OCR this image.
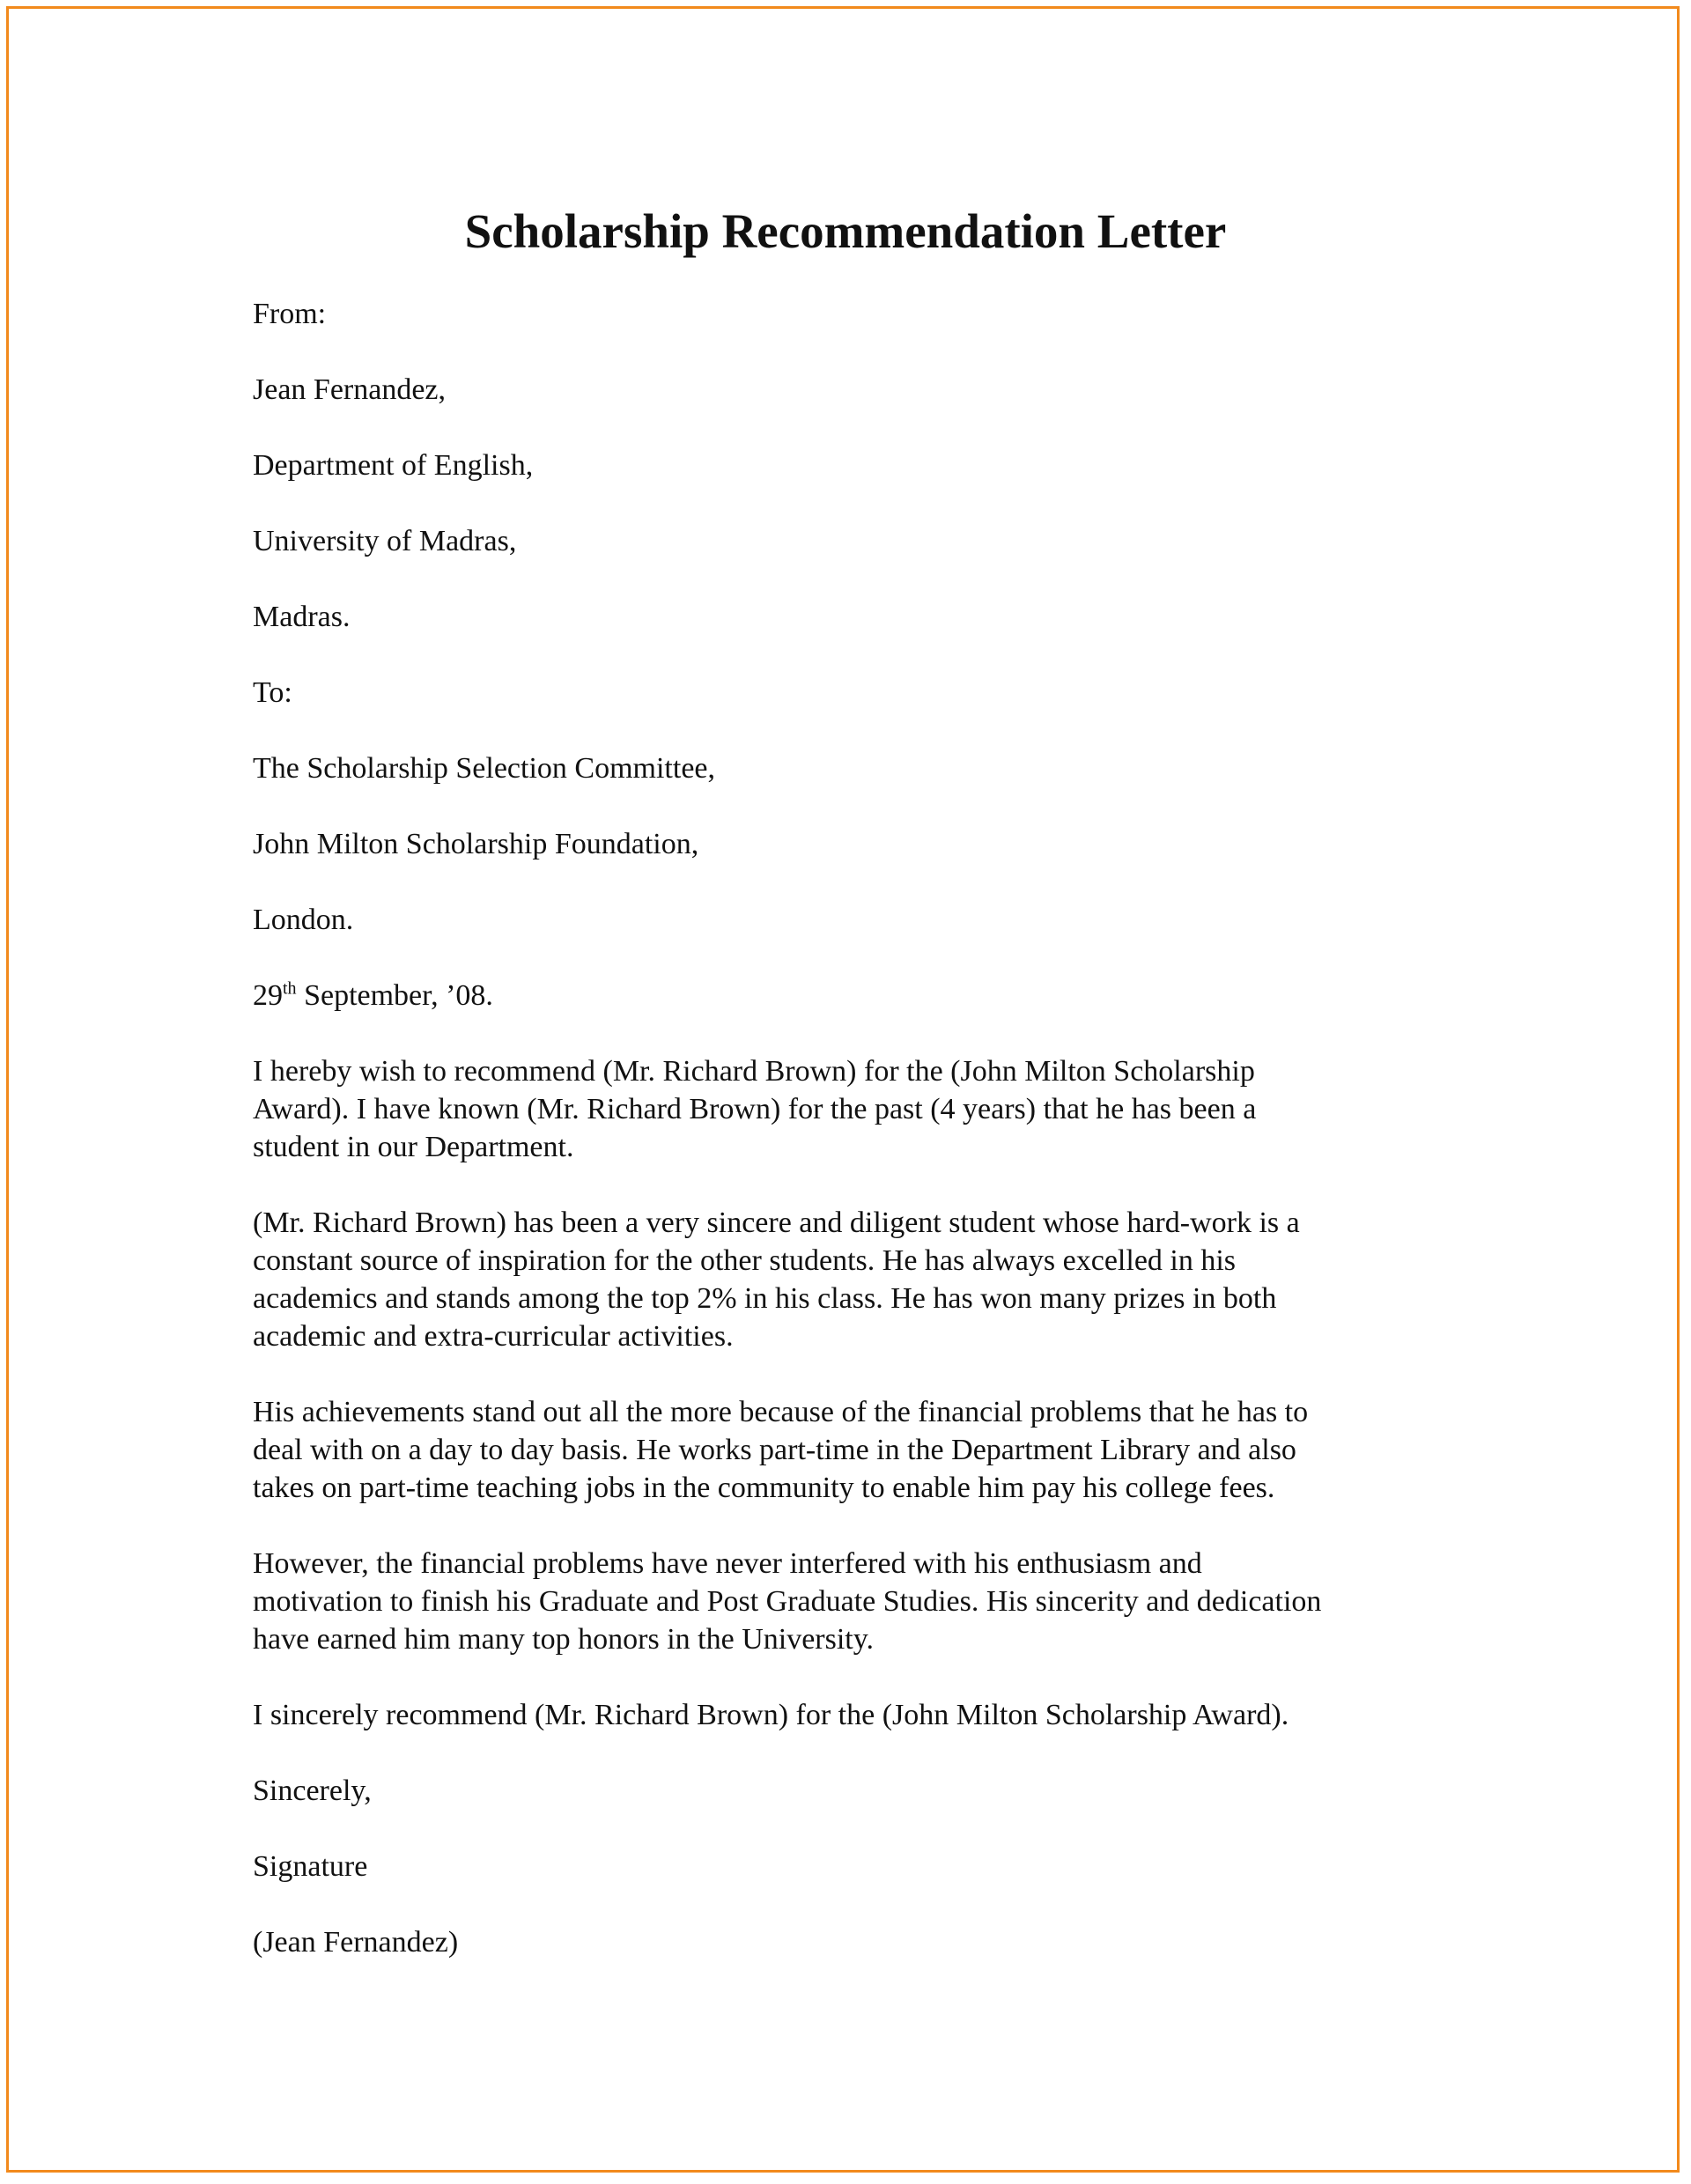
Scholarship Recommendation Letter

From:

Jean Fernandez,

Department of English,

University of Madras,

Madras.

To:

The Scholarship Selection Committee,

John Milton Scholarship Foundation,

London.

29th September, ’08.

I hereby wish to recommend (Mr. Richard Brown) for the (John Milton Scholarship
Award). I have known (Mr. Richard Brown) for the past (4 years) that he has been a
student in our Department.

(Mr. Richard Brown) has been a very sincere and diligent student whose hard-work is a
constant source of inspiration for the other students. He has always excelled in his
academics and stands among the top 2% in his class. He has won many prizes in both
academic and extra-curricular activities.

His achievements stand out all the more because of the financial problems that he has to
deal with on a day to day basis. He works part-time in the Department Library and also
takes on part-time teaching jobs in the community to enable him pay his college fees.

However, the financial problems have never interfered with his enthusiasm and
motivation to finish his Graduate and Post Graduate Studies. His sincerity and dedication
have earned him many top honors in the University.

I sincerely recommend (Mr. Richard Brown) for the (John Milton Scholarship Award).

Sincerely,

Signature

(Jean Fernandez)
